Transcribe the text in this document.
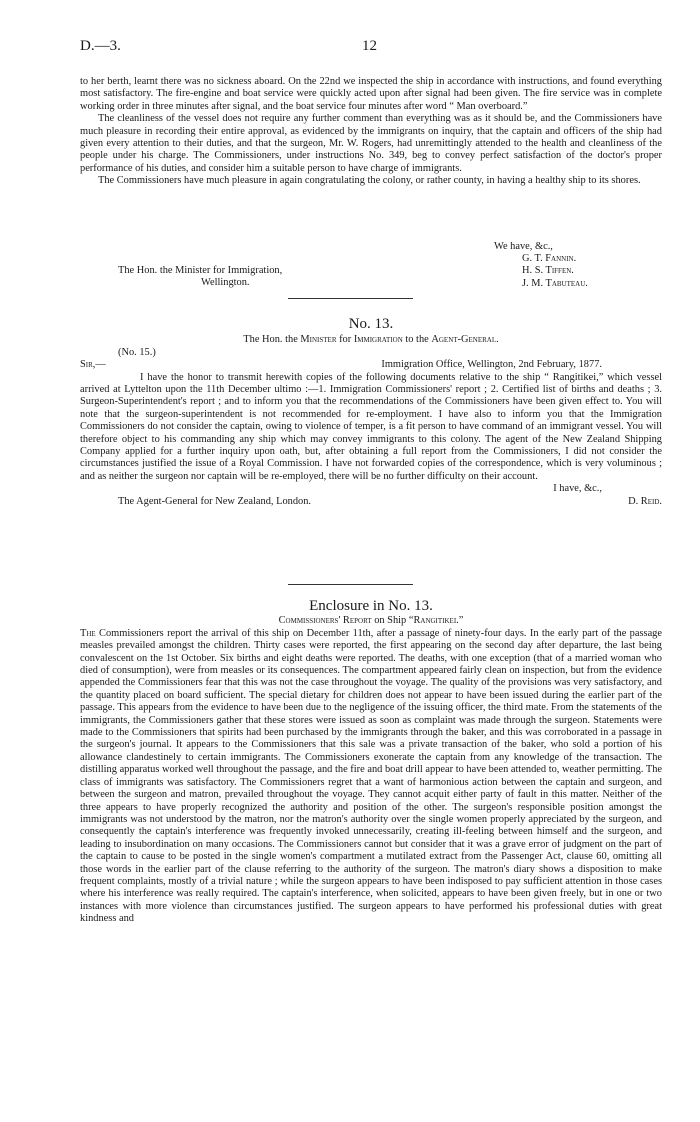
D.—3.	12

to her berth, learnt there was no sickness aboard. On the 22nd we inspected the ship in accordance with instructions, and found everything most satisfactory. The fire-engine and boat service were quickly acted upon after signal had been given. The fire service was in complete working order in three minutes after signal, and the boat service four minutes after word “ Man overboard.”

The cleanliness of the vessel does not require any further comment than everything was as it should be, and the Commissioners have much pleasure in recording their entire approval, as evidenced by the immigrants on inquiry, that the captain and officers of the ship had given every attention to their duties, and that the surgeon, Mr. W. Rogers, had unremittingly attended to the health and cleanliness of the people under his charge. The Commissioners, under instructions No. 349, beg to convey perfect satisfaction of the doctor's proper performance of his duties, and consider him a suitable person to have charge of immigrants.

The Commissioners have much pleasure in again congratulating the colony, or rather county, in having a healthy ship to its shores.

We have, &c.,
G. T. Fannin.
H. S. Tiffen.
J. M. Tabuteau.
The Hon. the Minister for Immigration,
Wellington.
No. 13.
The Hon. the Minister for Immigration to the Agent-General.
(No. 15.)
Sir,—	Immigration Office, Wellington, 2nd February, 1877.

I have the honor to transmit herewith copies of the following documents relative to the ship “ Rangitikei,” which vessel arrived at Lyttelton upon the 11th December ultimo :—1. Immigration Commissioners' report ; 2. Certified list of births and deaths ; 3. Surgeon-Superintendent's report ; and to inform you that the recommendations of the Commissioners have been given effect to. You will note that the surgeon-superintendent is not recommended for re-employment. I have also to inform you that the Immigration Commissioners do not consider the captain, owing to violence of temper, is a fit person to have command of an immigrant vessel. You will therefore object to his commanding any ship which may convey immigrants to this colony. The agent of the New Zealand Shipping Company applied for a further inquiry upon oath, but, after obtaining a full report from the Commissioners, I did not consider the circumstances justified the issue of a Royal Commission. I have not forwarded copies of the correspondence, which is very voluminous ; and as neither the surgeon nor captain will be re-employed, there will be no further difficulty on their account.

I have, &c.,
The Agent-General for New Zealand, London.	D. Reid.
Enclosure in No. 13.
Commissioners' Report on Ship “Rangitikei.”

The Commissioners report the arrival of this ship on December 11th, after a passage of ninety-four days. In the early part of the passage measles prevailed amongst the children. Thirty cases were reported, the first appearing on the second day after departure, the last being convalescent on the 1st October. Six births and eight deaths were reported. The deaths, with one exception (that of a married woman who died of consumption), were from measles or its consequences. The compartment appeared fairly clean on inspection, but from the evidence appended the Commissioners fear that this was not the case throughout the voyage. The quality of the provisions was very satisfactory, and the quantity placed on board sufficient. The special dietary for children does not appear to have been issued during the earlier part of the passage. This appears from the evidence to have been due to the negligence of the issuing officer, the third mate. From the statements of the immigrants, the Commissioners gather that these stores were issued as soon as complaint was made through the surgeon. Statements were made to the Commissioners that spirits had been purchased by the immigrants through the baker, and this was corroborated in a passage in the surgeon's journal. It appears to the Commissioners that this sale was a private transaction of the baker, who sold a portion of his allowance clandestinely to certain immigrants. The Commissioners exonerate the captain from any knowledge of the transaction. The distilling apparatus worked well throughout the passage, and the fire and boat drill appear to have been attended to, weather permitting. The class of immigrants was satisfactory. The Commissioners regret that a want of harmonious action between the captain and surgeon, and between the surgeon and matron, prevailed throughout the voyage. They cannot acquit either party of fault in this matter. Neither of the three appears to have properly recognized the authority and position of the other. The surgeon's responsible position amongst the immigrants was not understood by the matron, nor the matron's authority over the single women properly appreciated by the surgeon, and consequently the captain's interference was frequently invoked unnecessarily, creating ill-feeling between himself and the surgeon, and leading to insubordination on many occasions. The Commissioners cannot but consider that it was a grave error of judgment on the part of the captain to cause to be posted in the single women's compartment a mutilated extract from the Passenger Act, clause 60, omitting all those words in the earlier part of the clause referring to the authority of the surgeon. The matron's diary shows a disposition to make frequent complaints, mostly of a trivial nature ; while the surgeon appears to have been indisposed to pay sufficient attention in those cases where his interference was really required. The captain's interference, when solicited, appears to have been given freely, but in one or two instances with more violence than circumstances justified. The surgeon appears to have performed his professional duties with great kindness and
